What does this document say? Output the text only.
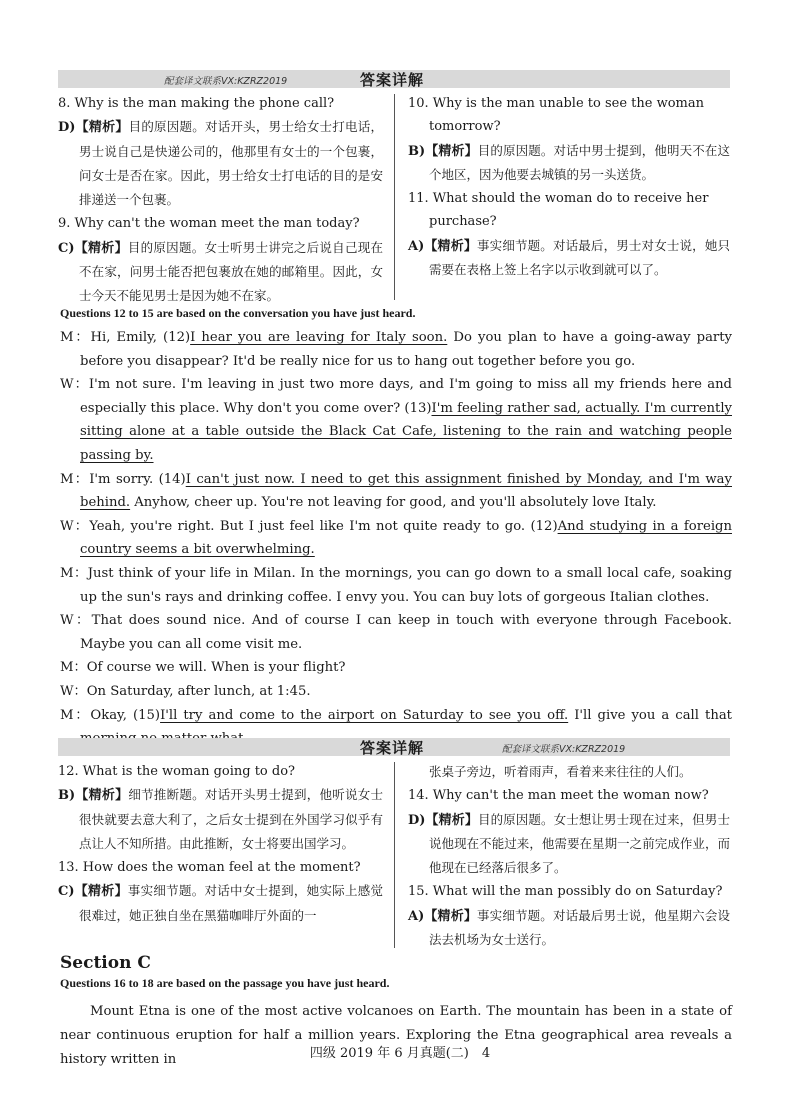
配套译文联系VX:KZRZ2019	答案详解
8. Why is the man making the phone call?
D)【精析】目的原因题。对话开头，男士给女士打电话，男士说自己是快递公司的，他那里有女士的一个包裹，问女士是否在家。因此，男士给女士打电话的目的是安排递送一个包裹。
9. Why can't the woman meet the man today?
C)【精析】目的原因题。女士听男士讲完之后说自己现在不在家，问男士能否把包裹放在她的邮箱里。因此，女士今天不能见男士是因为她不在家。
10. Why is the man unable to see the woman tomorrow?
B)【精析】目的原因题。对话中男士提到，他明天不在这个地区，因为他要去城镇的另一头送货。
11. What should the woman do to receive her purchase?
A)【精析】事实细节题。对话最后，男士对女士说，她只需要在表格上签上名字以示收到就可以了。
Questions 12 to 15 are based on the conversation you have just heard.
M：Hi, Emily, (12)I hear you are leaving for Italy soon. Do you plan to have a going-away party before you disappear? It'd be really nice for us to hang out together before you go.
W：I'm not sure. I'm leaving in just two more days, and I'm going to miss all my friends here and especially this place. Why don't you come over? (13)I'm feeling rather sad, actually. I'm currently sitting alone at a table outside the Black Cat Cafe, listening to the rain and watching people passing by.
M：I'm sorry. (14)I can't just now. I need to get this assignment finished by Monday, and I'm way behind. Anyhow, cheer up. You're not leaving for good, and you'll absolutely love Italy.
W：Yeah, you're right. But I just feel like I'm not quite ready to go. (12)And studying in a foreign country seems a bit overwhelming.
M：Just think of your life in Milan. In the mornings, you can go down to a small local cafe, soaking up the sun's rays and drinking coffee. I envy you. You can buy lots of gorgeous Italian clothes.
W：That does sound nice. And of course I can keep in touch with everyone through Facebook. Maybe you can all come visit me.
M：Of course we will. When is your flight?
W：On Saturday, after lunch, at 1:45.
M：Okay, (15)I'll try and come to the airport on Saturday to see you off. I'll give you a call that
答案详解	配套译文联系VX:KZRZ2019
12. What is the woman going to do?
B)【精析】细节推断题。对话开头男士提到，他听说女士很快就要去意大利了，之后女士提到在外国学习似乎有点让人不知所措。由此推断，女士将要出国学习。
13. How does the woman feel at the moment?
C)【精析】事实细节题。对话中女士提到，她实际上感觉很难过，她正独自坐在黑猫咖啡厅外面的一
张桌子旁边，听着雨声，看着来来往往的人们。
14. Why can't the man meet the woman now?
D)【精析】目的原因题。女士想让男士现在过来，但男士说他现在不能过来，他需要在星期一之前完成作业，而他现在已经落后很多了。
15. What will the man possibly do on Saturday?
A)【精析】事实细节题。对话最后男士说，他星期六会设法去机场为女士送行。
Section C
Questions 16 to 18 are based on the passage you have just heard.
Mount Etna is one of the most active volcanoes on Earth. The mountain has been in a state of near continuous eruption for half a million years. Exploring the Etna geographical area reveals a history written in	四级 2019 年 6 月真题(二)　4
